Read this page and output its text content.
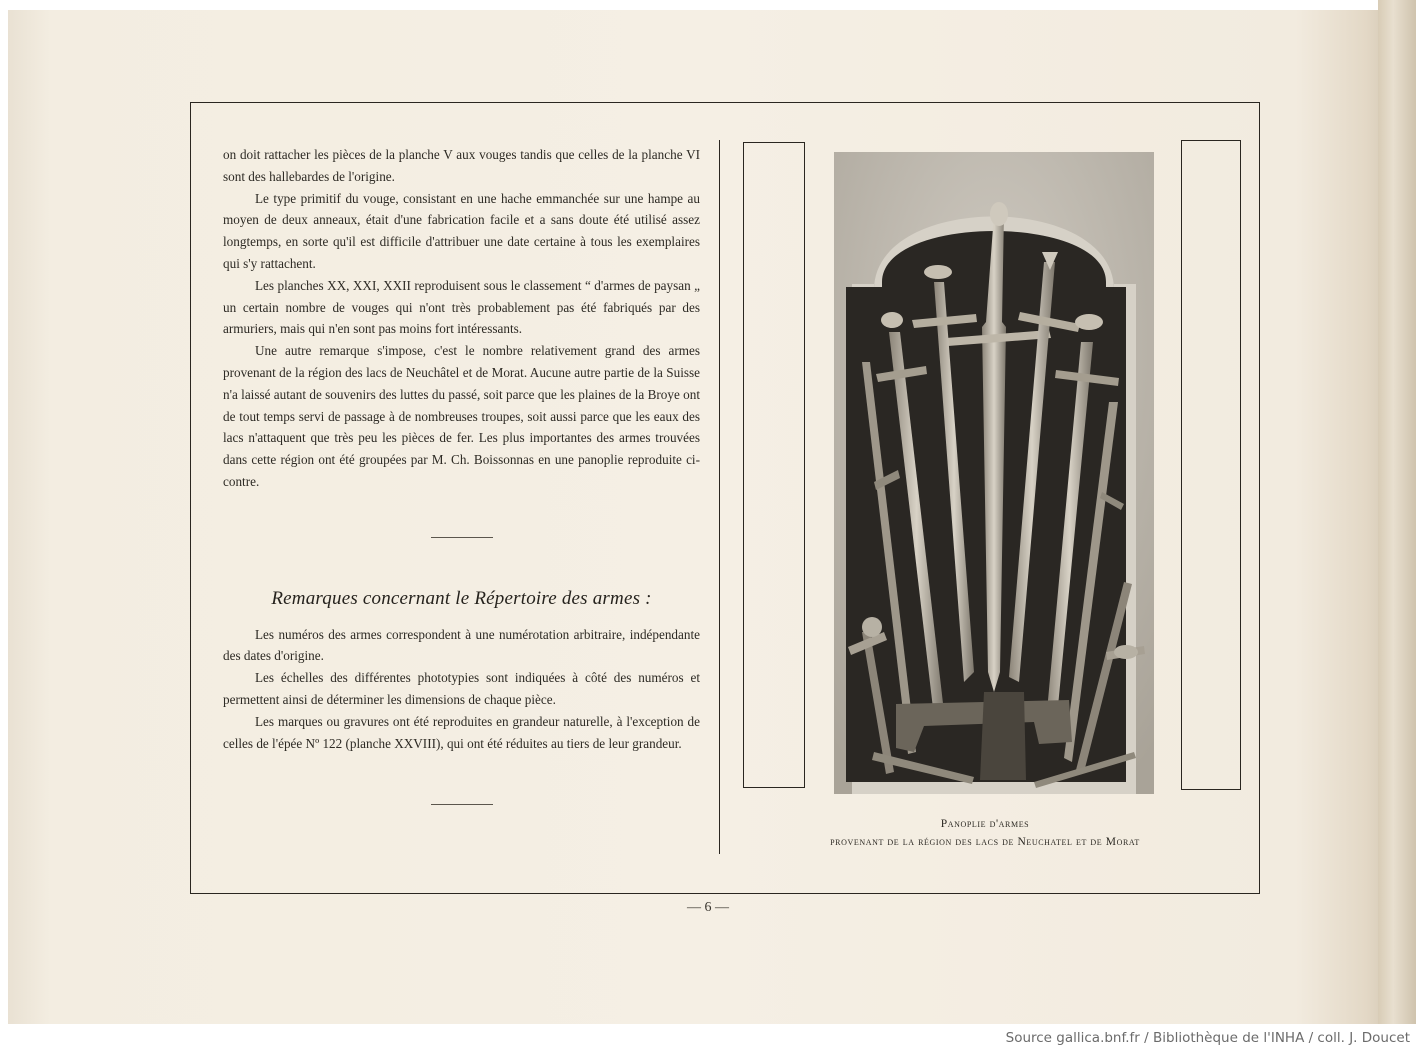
on doit rattacher les pièces de la planche V aux vouges tandis que celles de la planche VI sont des hallebardes de l'origine.

Le type primitif du vouge, consistant en une hache emmanchée sur une hampe au moyen de deux anneaux, était d'une fabrication facile et a sans doute été utilisé assez longtemps, en sorte qu'il est difficile d'attribuer une date certaine à tous les exemplaires qui s'y rattachent.

Les planches XX, XXI, XXII reproduisent sous le classement “ d'armes de paysan „ un certain nombre de vouges qui n'ont très probablement pas été fabriqués par des armuriers, mais qui n'en sont pas moins fort intéressants.

Une autre remarque s'impose, c'est le nombre relativement grand des armes provenant de la région des lacs de Neuchâtel et de Morat. Aucune autre partie de la Suisse n'a laissé autant de souvenirs des luttes du passé, soit parce que les plaines de la Broye ont de tout temps servi de passage à de nombreuses troupes, soit aussi parce que les eaux des lacs n'attaquent que très peu les pièces de fer. Les plus importantes des armes trouvées dans cette région ont été groupées par M. Ch. Boissonnas en une panoplie reproduite ci-contre.

Remarques concernant le Répertoire des armes :

Les numéros des armes correspondent à une numérotation arbitraire, indépendante des dates d'origine.

Les échelles des différentes phototypies sont indiquées à côté des numéros et permettent ainsi de déterminer les dimensions de chaque pièce.

Les marques ou gravures ont été reproduites en grandeur naturelle, à l'exception de celles de l'épée Nº 122 (planche XXVIII), qui ont été réduites au tiers de leur grandeur.

Panoplie d'armes
provenant de la région des lacs de Neuchatel et de Morat
— 6 —
Source gallica.bnf.fr / Bibliothèque de l'INHA / coll. J. Doucet
